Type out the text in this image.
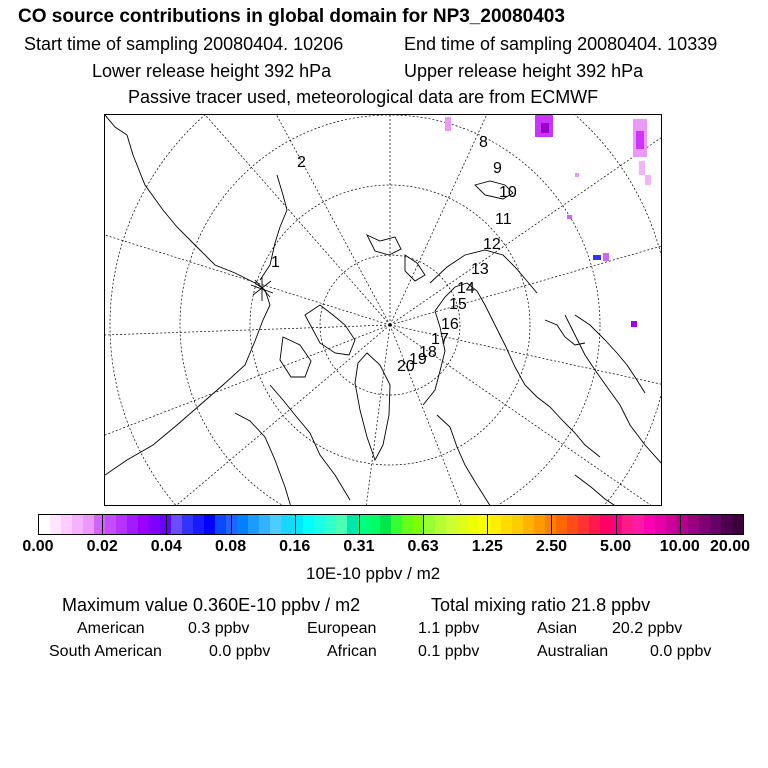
CO source contributions in global domain for NP3_20080403
Start time of sampling 20080404. 10206	End time of sampling 20080404. 10339
Lower release height 392 hPa	Upper release height 392 hPa
Passive tracer used, meteorological data are from ECMWF
1
2
8
9
10
11
12
13
14
15
16
17
18
19
20
0.00 0.02 0.04 0.08 0.16 0.31 0.63 1.25 2.50 5.00 10.00 20.00
10E-10 ppbv / m2
Maximum value 0.360E-10 ppbv / m2	Total mixing ratio 21.8 ppbv
American	0.3 ppbv	European	1.1 ppbv	Asian 20.2 ppbv
South American	0.0 ppbv	African	0.1 ppbv	Australian	0.0 ppbv
